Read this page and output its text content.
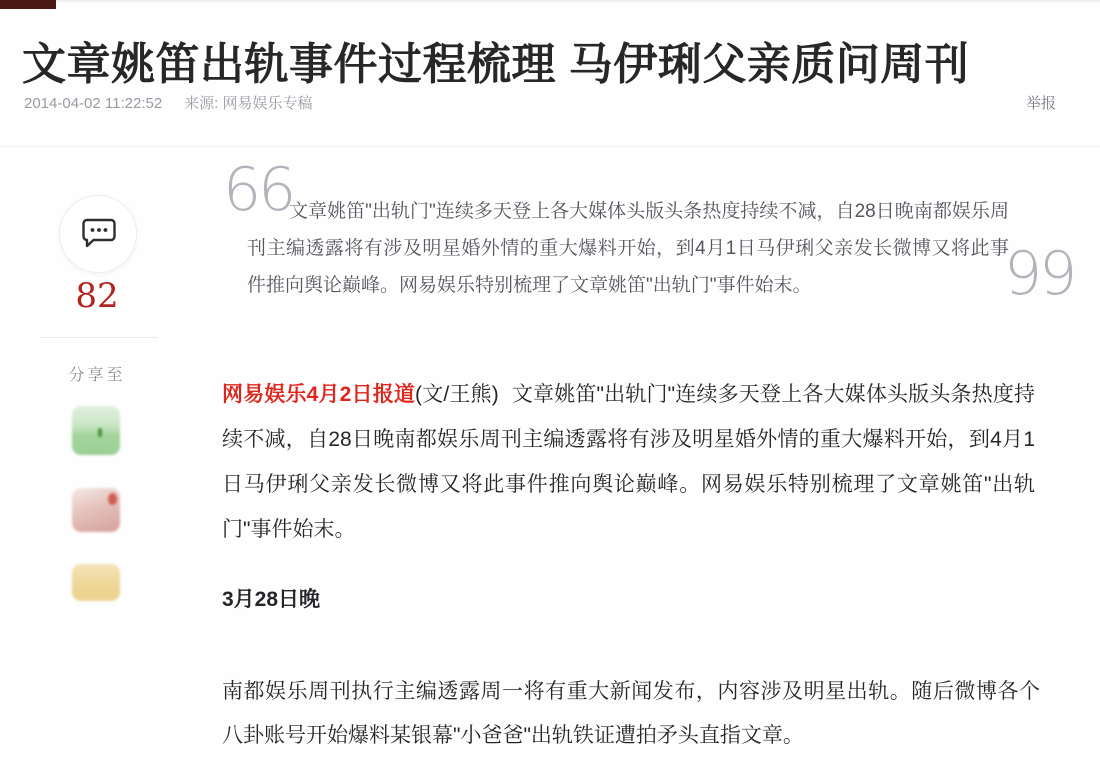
文章姚笛出轨事件过程梳理 马伊琍父亲质问周刊
2014-04-02 11:22:52 来源: 网易娱乐专稿	举报
82
分享至
66

文章姚笛"出轨门"连续多天登上各大媒体头版头条热度持续不减，自28日晚南都娱乐周刊主编透露将有涉及明星婚外情的重大爆料开始，到4月1日马伊琍父亲发长微博又将此事件推向舆论巅峰。网易娱乐特别梳理了文章姚笛"出轨门"事件始末。	99

网易娱乐4月2日报道(文/王熊) 文章姚笛"出轨门"连续多天登上各大媒体头版头条热度持续不减，自28日晚南都娱乐周刊主编透露将有涉及明星婚外情的重大爆料开始，到4月1日马伊琍父亲发长微博又将此事件推向舆论巅峰。网易娱乐特别梳理了文章姚笛"出轨门"事件始末。

3月28日晚

南都娱乐周刊执行主编透露周一将有重大新闻发布，内容涉及明星出轨。随后微博各个八卦账号开始爆料某银幕"小爸爸"出轨铁证遭拍矛头直指文章。
